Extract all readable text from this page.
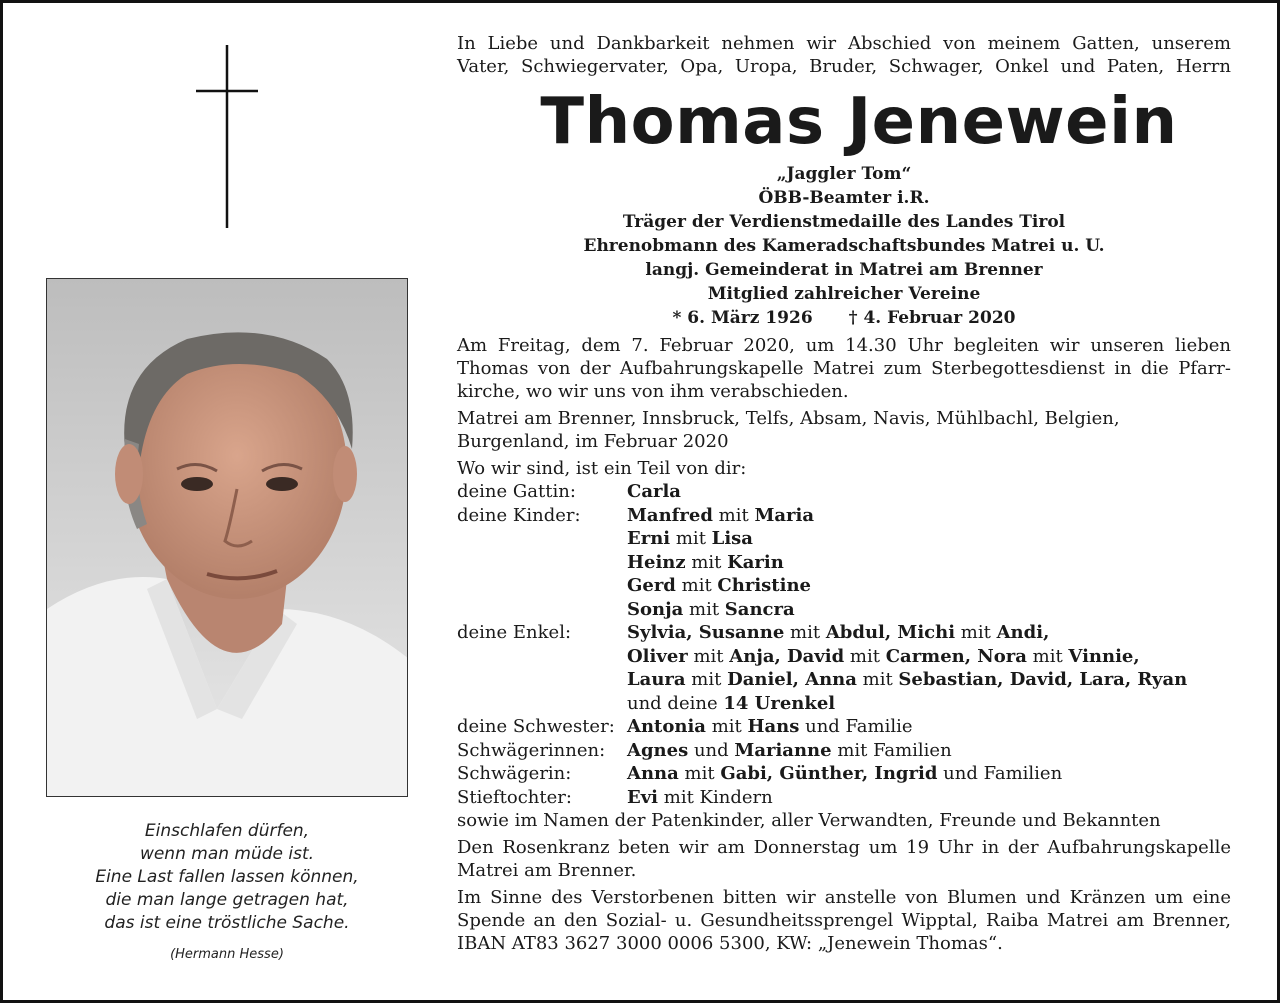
Einschlafen dürfen,
wenn man müde ist.
Eine Last fallen lassen können,
die man lange getragen hat,
das ist eine tröstliche Sache.
(Hermann Hesse)
In Liebe und Dankbarkeit nehmen wir Abschied von meinem Gatten, unserem
Vater, Schwiegervater, Opa, Uropa, Bruder, Schwager, Onkel und Paten, Herrn
Thomas Jenewein
„Jaggler Tom“
ÖBB-Beamter i.R.
Träger der Verdienstmedaille des Landes Tirol
Ehrenobmann des Kameradschaftsbundes Matrei u. U.
langj. Gemeinderat in Matrei am Brenner
Mitglied zahlreicher Vereine
* 6. März 1926 † 4. Februar 2020
Am Freitag, dem 7. Februar 2020, um 14.30 Uhr begleiten wir unseren lieben
Thomas von der Aufbahrungskapelle Matrei zum Sterbegottesdienst in die Pfarr-
kirche, wo wir uns von ihm verabschieden.
Matrei am Brenner, Innsbruck, Telfs, Absam, Navis, Mühlbachl, Belgien,
Burgenland, im Februar 2020
Wo wir sind, ist ein Teil von dir:
deine Gattin:	Carla
deine Kinder:	Manfred mit Maria
	Erni mit Lisa
	Heinz mit Karin
	Gerd mit Christine
	Sonja mit Sancra
deine Enkel:	Sylvia, Susanne mit Abdul, Michi mit Andi,
	Oliver mit Anja, David mit Carmen, Nora mit Vinnie,
	Laura mit Daniel, Anna mit Sebastian, David, Lara, Ryan
	und deine 14 Urenkel
deine Schwester:	Antonia mit Hans und Familie
Schwägerinnen:	Agnes und Marianne mit Familien
Schwägerin:	Anna mit Gabi, Günther, Ingrid und Familien
Stieftochter:	Evi mit Kindern
sowie im Namen der Patenkinder, aller Verwandten, Freunde und Bekannten
Den Rosenkranz beten wir am Donnerstag um 19 Uhr in der Aufbahrungskapelle
Matrei am Brenner.
Im Sinne des Verstorbenen bitten wir anstelle von Blumen und Kränzen um eine
Spende an den Sozial- u. Gesundheitssprengel Wipptal, Raiba Matrei am Brenner,
IBAN AT83 3627 3000 0006 5300, KW: „Jenewein Thomas“.
